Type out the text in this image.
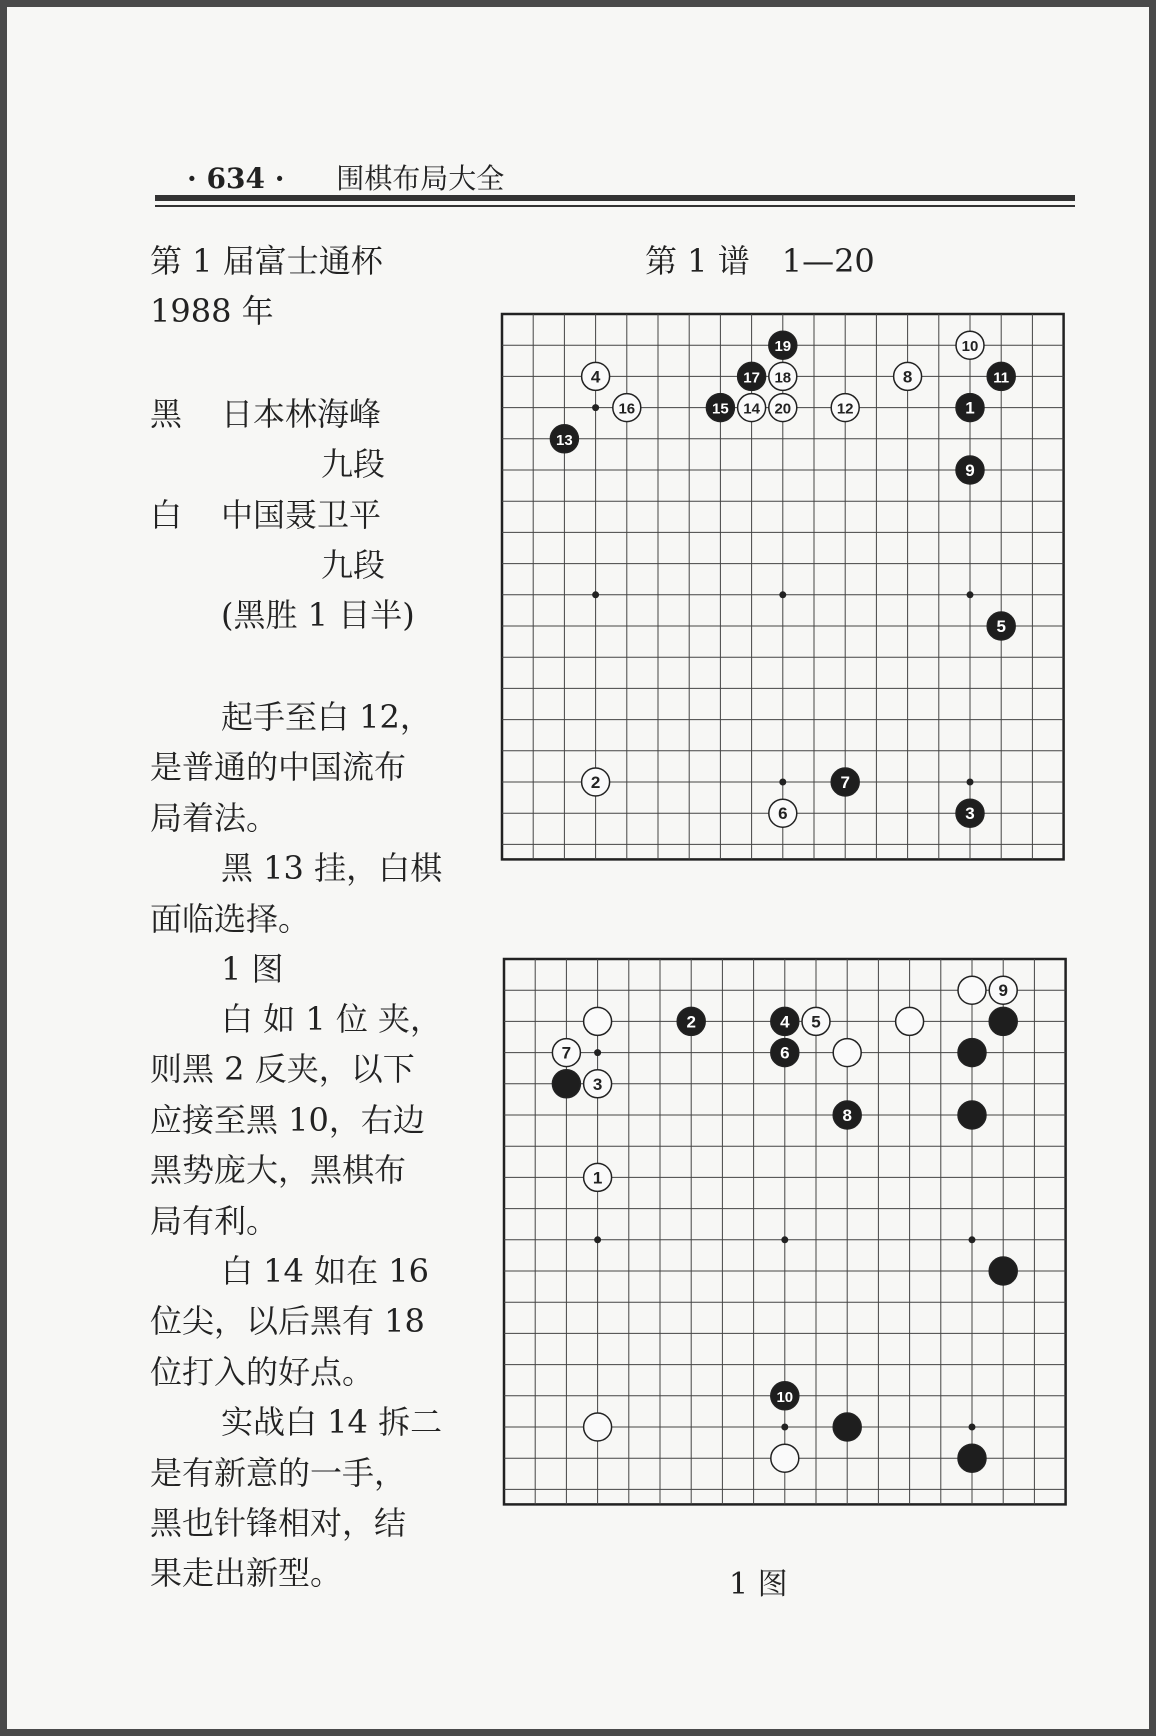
· 634 · 围棋布局大全
第 1 届富士通杯
1988 年
黑 日本林海峰
九段
白 中国聂卫平
九段
(黑胜 1 目半)
起手至白 12，
是普通的中国流布
局着法。
黑 13 挂，白棋
面临选择。
1 图
白 如 1 位 夹，
则黑 2 反夹，以下
应接至黑 10，右边
黑势庞大，黑棋布
局有利。
白 14 如在 16
位尖，以后黑有 18
位打入的好点。
实战白 14 拆二
是有新意的一手，
黑也针锋相对，结
果走出新型。
第 1 谱　1—20
1
2
3
4
5
6
7
8
9
10
11
12
13
14
15
16
17 18
19
20
1
2
3
4 5
6
7
8
9
10
1 图
